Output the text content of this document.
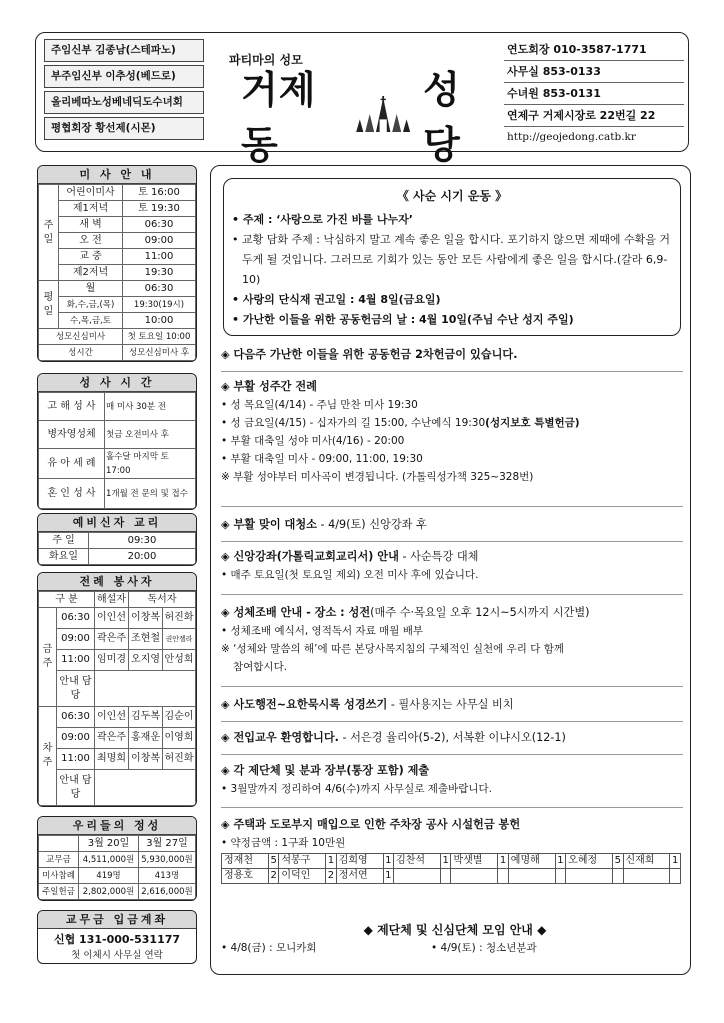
주임신부 김종남(스테파노)
부주임신부 이추성(베드로)
올리베따노성베네딕도수녀회
평협회장 황선제(시몬)
파티마의 성모
거제동
성당
연도회장 010-3587-1771
사무실 853-0133
수녀원 853-0131
연제구 거제시장로 22번길 22
http://geojedong.catb.kr
미 사 안 내
주일	어린이미사	토 16:00
	제1저녁	토 19:30
	새 벽	06:30
	오 전	09:00
	교 중	11:00
	제2저녁	19:30
평일	월	06:30
	화,수,금,(목)	19:30(19시)
	수,목,금,토	10:00
성모신심미사		첫 토요일 10:00
성시간		성모신심미사 후
성 사 시 간
고 해 성 사	매 미사 30분 전
병자영성체	첫금 오전미사 후
유 아 세 례	홀수달 마지막 토 17:00
혼 인 성 사	1개월 전 문의 및 접수
예비신자 교리
주 일	09:30
화요일	20:00
전례 봉사자
구 분		해설자	독서자	
금주	06:30	이인선	이창복	허진화
	09:00	곽은주	조현철	권안젤라
	11:00	임미경	오지영	안성희
	안내 담당			
차주	06:30	이인선	김두복	김순이
	09:00	곽은주	홍재운	이영희
	11:00	최명희	이창복	허진화
	안내 담당			
우리들의 정성
	3월 20일	3월 27일
교무금	4,511,000원	5,930,000원
미사참례	419명	413명
주일헌금	2,802,000원	2,616,000원
교무금 입금계좌
신협 131-000-531177
첫 이체시 사무실 연락
《 사순 시기 운동 》

• 주제 : ‘사랑으로 가진 바를 나누자’

• 교황 담화 주제 : 낙심하지 말고 계속 좋은 일을 합시다. 포기하지 않으면 제때에 수확을 거두게 될 것입니다. 그러므로 기회가 있는 동안 모든 사람에게 좋은 일을 합시다.(갈라 6,9-10)

• 사랑의 단식재 권고일 : 4월 8일(금요일)

• 가난한 이들을 위한 공동헌금의 날 : 4월 10일(주님 수난 성지 주일)

◈ 다음주 가난한 이들을 위한 공동헌금 2차헌금이 있습니다.
◈ 부활 성주간 전례
• 성 목요일(4/14) - 주님 만찬 미사 19:30
• 성 금요일(4/15) - 십자가의 길 15:00, 수난예식 19:30(성지보호 특별헌금)
• 부활 대축일 성야 미사(4/16) - 20:00
• 부활 대축일 미사 - 09:00, 11:00, 19:30
※ 부활 성야부터 미사곡이 변경됩니다. (가톨릭성가책 325~328번)
◈ 부활 맞이 대청소 - 4/9(토) 신앙강좌 후
◈ 신앙강좌(가톨릭교회교리서) 안내 - 사순특강 대체
• 매주 토요일(첫 토요일 제외) 오전 미사 후에 있습니다.
◈ 성체조배 안내 - 장소 : 성전(매주 수·목요일 오후 12시~5시까지 시간별)
• 성체조배 예식서, 영적독서 자료 매월 배부
※ ‘성체와 말씀의 해’에 따른 본당사목지침의 구체적인 실천에 우리 다 함께
참여합시다.
◈ 사도행전~요한묵시록 성경쓰기 - 필사용지는 사무실 비치
◈ 전입교우 환영합니다. - 서은경 율리아(5-2), 서복환 이냐시오(12-1)
◈ 각 제단체 및 분과 장부(통장 포함) 제출
• 3월말까지 정리하여 4/6(수)까지 사무실로 제출바랍니다.
◈ 주택과 도로부지 매입으로 인한 주차장 공사 시설헌금 봉헌
• 약정금액 : 1구좌 10만원
정재천	5	석봉구	1	김희영	1	김찬석	1	박샛별	1	예명해	1	오혜정	5	신재희	1
정용호	2	이덕인	2	정서연	1										
◆ 제단체 및 신심단체 모임 안내 ◆
• 4/8(금) : 모니카회	• 4/9(토) : 청소년분과
